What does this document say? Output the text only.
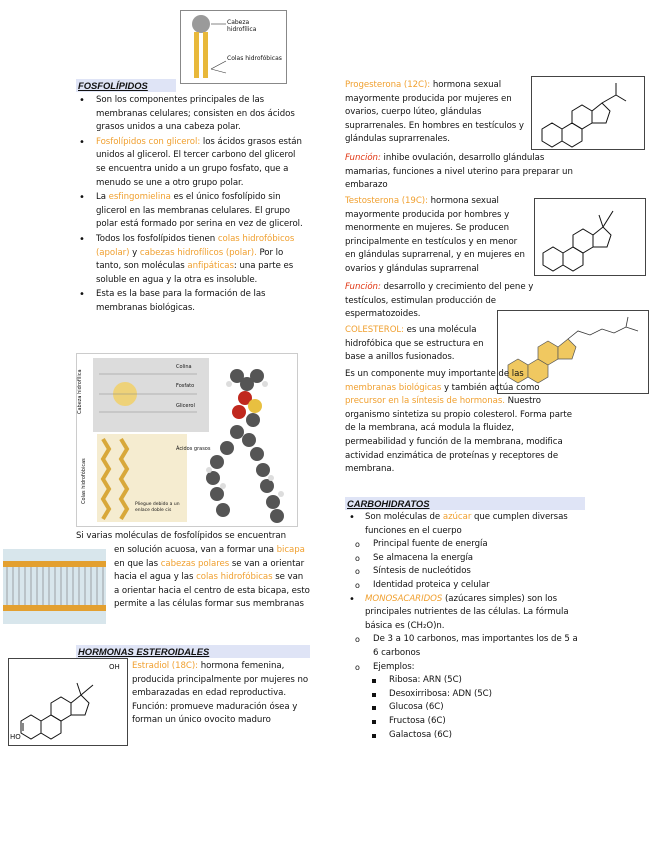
Cabeza hidrofílica
Colas hidrofóbicas
FOSFOLÍPIDOS
• Son los componentes principales de las membranas celulares; consisten en dos ácidos grasos unidos a una cabeza polar.
• Fosfolípidos con glicerol: los ácidos grasos están unidos al glicerol. El tercer carbono del glicerol se encuentra unido a un grupo fosfato, que a menudo se une a otro grupo polar.
• La esfingomielina es el único fosfolípido sin glicerol en las membranas celulares. El grupo polar está formado por serina en vez de glicerol.
• Todos los fosfolípidos tienen colas hidrofóbicos (apolar) y cabezas hidrofílicos (polar). Por lo tanto, son moléculas anfipáticas: una parte es soluble en agua y la otra es insoluble.
• Esta es la base para la formación de las membranas biológicas.
Colina
Fosfato
Glicerol
Ácidos grasos
Cabeza hidrofílica
Colas hidrofóbicas
Pliegue debido a un enlace doble cis
Si varias moléculas de fosfolípidos se encuentran
en solución acuosa, van a formar una bicapa en que las cabezas polares se van a orientar hacia el agua y las colas hidrofóbicas se van a orientar hacia el centro de esta bicapa, esto permite a las células formar sus membranas
HORMONAS ESTEROIDALES
HO
OH Estradiol (18C): hormona femenina, producida principalmente por mujeres no embarazadas en edad reproductiva. Función: promueve maduración ósea y forman un único ovocito maduro
Progesterona (12C): hormona sexual mayormente producida por mujeres en ovarios, cuerpo lúteo, glándulas suprarrenales. En hombres en testículos y glándulas suprarrenales.
Función: inhibe ovulación, desarrollo glándulas mamarias, funciones a nivel uterino para preparar un embarazo
Testosterona (19C): hormona sexual mayormente producida por hombres y menormente en mujeres. Se producen principalmente en testículos y en menor en glándulas suprarrenal, y en mujeres en ovarios y glándulas suprarrenal
Función: desarrollo y crecimiento del pene y testículos, estimulan producción de espermatozoides.
COLESTEROL: es una molécula hidrofóbica que se estructura en base a anillos fusionados.
Es un componente muy importante de las membranas biológicas y también actúa como precursor en la síntesis de hormonas. Nuestro organismo sintetiza su propio colesterol. Forma parte de la membrana, acá modula la fluidez, permeabilidad y función de la membrana, modifica actividad enzimática de proteínas y receptores de membrana.
CARBOHIDRATOS
• Son moléculas de azúcar que cumplen diversas funciones en el cuerpo
o Principal fuente de energía
o Se almacena la energía
o Síntesis de nucleótidos
o Identidad proteica y celular
• MONOSACARIDOS (azúcares simples) son los principales nutrientes de las células. La fórmula básica es (CH₂O)n.
o De 3 a 10 carbonos, mas importantes los de 5 a 6 carbonos
o Ejemplos:
Ribosa: ARN (5C)
Desoxirribosa: ADN (5C)
Glucosa (6C)
Fructosa (6C)
Galactosa (6C)
